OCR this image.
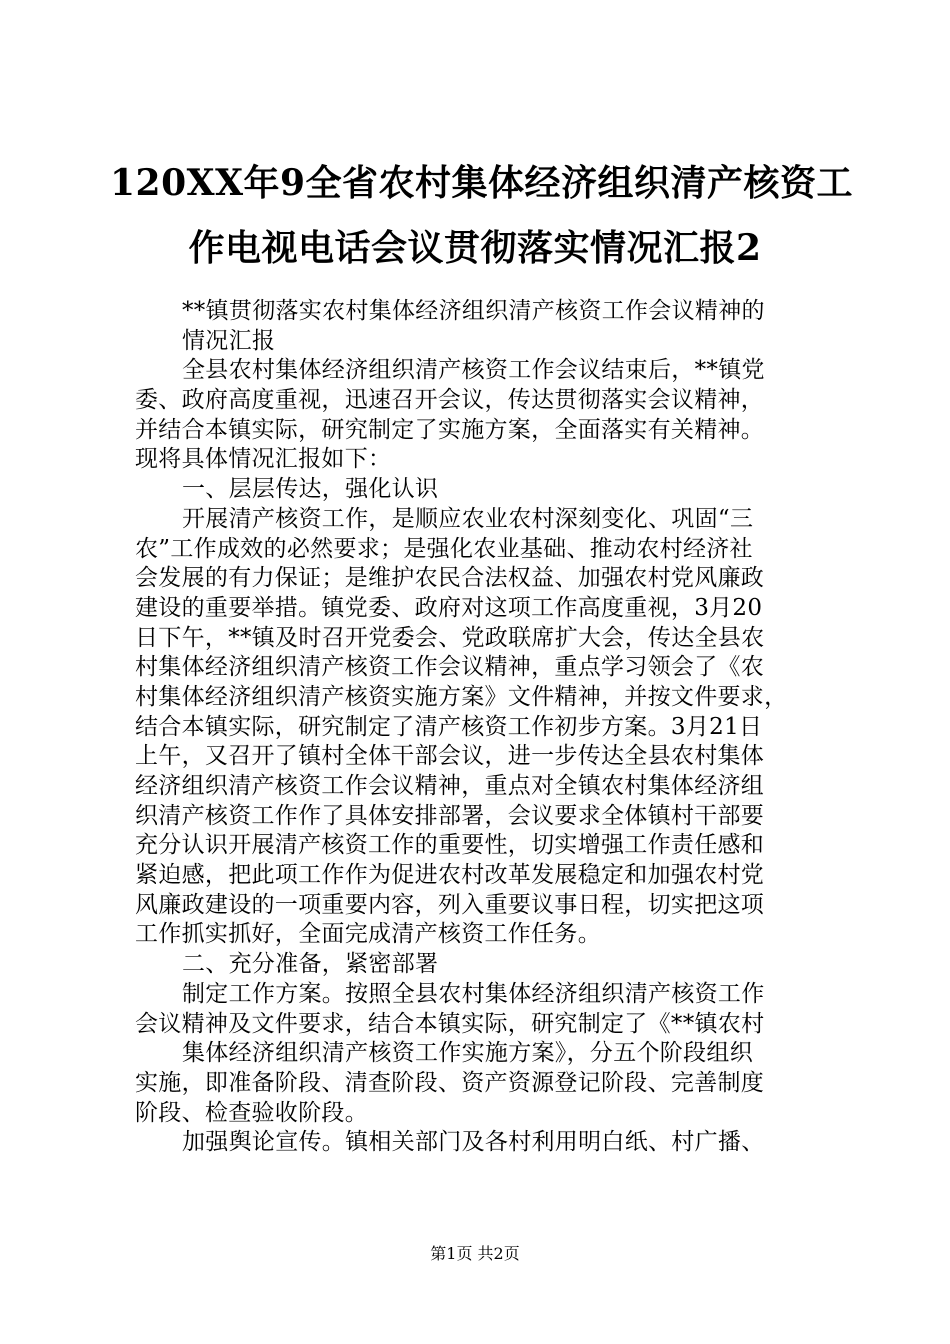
120XX年9全省农村集体经济组织清产核资工
作电视电话会议贯彻落实情况汇报2
**镇贯彻落实农村集体经济组织清产核资工作会议精神的
情况汇报
全县农村集体经济组织清产核资工作会议结束后，**镇党
委、政府高度重视，迅速召开会议，传达贯彻落实会议精神，
并结合本镇实际，研究制定了实施方案，全面落实有关精神。
现将具体情况汇报如下：
一、层层传达，强化认识
开展清产核资工作，是顺应农业农村深刻变化、巩固“三
农”工作成效的必然要求；是强化农业基础、推动农村经济社
会发展的有力保证；是维护农民合法权益、加强农村党风廉政
建设的重要举措。镇党委、政府对这项工作高度重视，3月20
日下午，**镇及时召开党委会、党政联席扩大会，传达全县农
村集体经济组织清产核资工作会议精神，重点学习领会了《农
村集体经济组织清产核资实施方案》文件精神，并按文件要求，
结合本镇实际，研究制定了清产核资工作初步方案。3月21日
上午，又召开了镇村全体干部会议，进一步传达全县农村集体
经济组织清产核资工作会议精神，重点对全镇农村集体经济组
织清产核资工作作了具体安排部署，会议要求全体镇村干部要
充分认识开展清产核资工作的重要性，切实增强工作责任感和
紧迫感，把此项工作作为促进农村改革发展稳定和加强农村党
风廉政建设的一项重要内容，列入重要议事日程，切实把这项
工作抓实抓好，全面完成清产核资工作任务。
二、充分准备，紧密部署
制定工作方案。按照全县农村集体经济组织清产核资工作
会议精神及文件要求，结合本镇实际，研究制定了《**镇农村
集体经济组织清产核资工作实施方案》，分五个阶段组织
实施，即准备阶段、清查阶段、资产资源登记阶段、完善制度
阶段、检查验收阶段。
加强舆论宣传。镇相关部门及各村利用明白纸、村广播、
第1页 共2页
